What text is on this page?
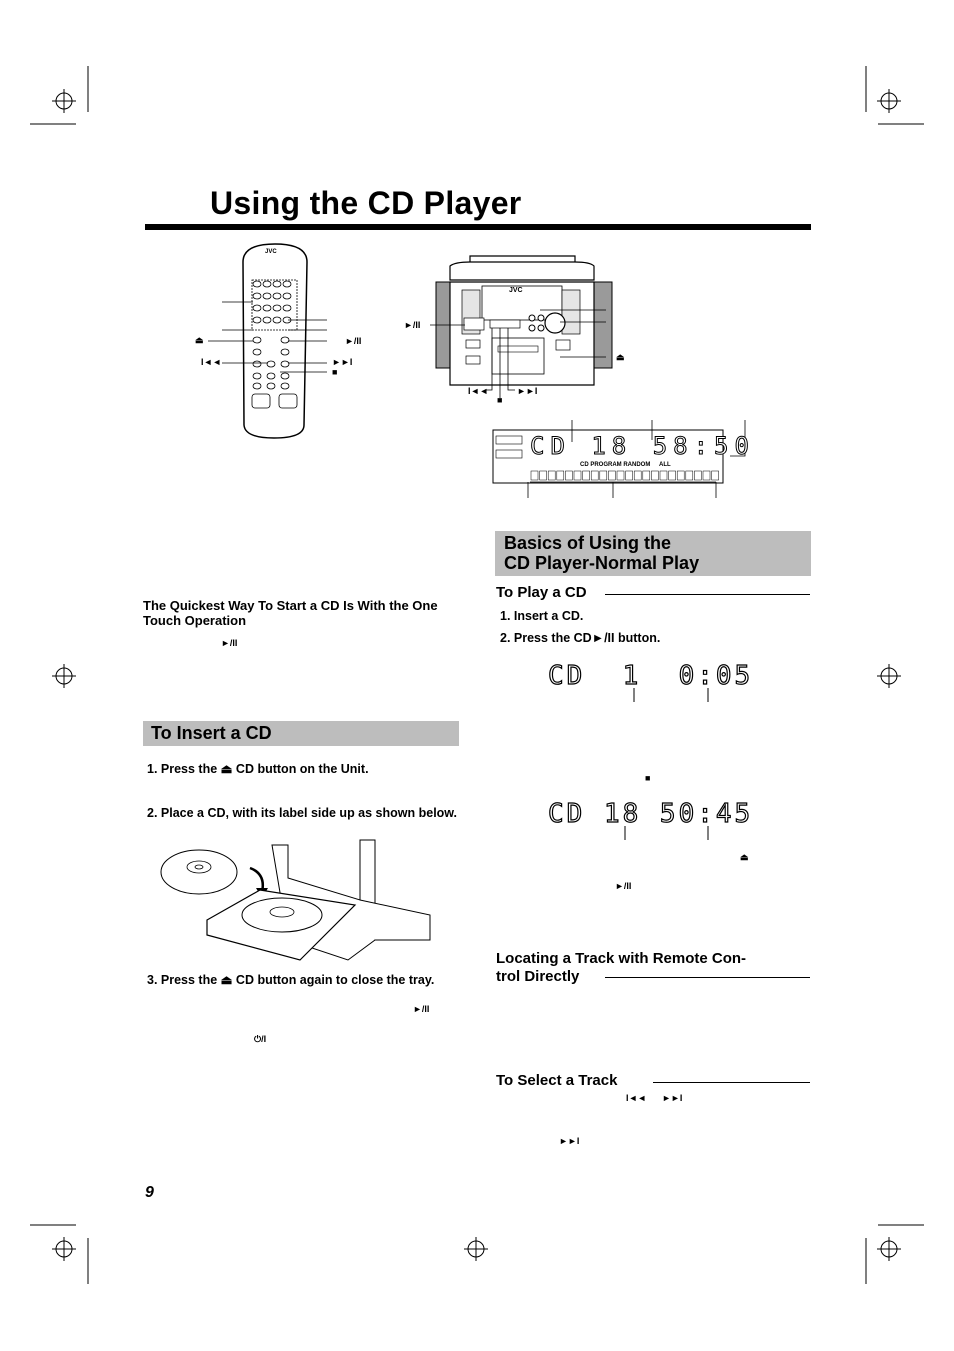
Using the CD Player
JVC
⏏
I◄◄
►/II
►►I
■
JVC
►/II
⏏
I◄◄
■
►►I
CD 18 58:50
CD PROGRAM RANDOM ALL
Basics of Using the
CD Player-Normal Play
To Play a CD
1. Insert a CD.
2. Press the CD►/II button.
CD  1  0:05
■
CD 18 50:45
⏏
►/II
Locating a Track with Remote Con-
trol Directly
To Select a Track
I◄◄ ►►I
►►I
The Quickest Way To Start a CD Is With the One Touch Operation
►/II
To Insert a CD
1. Press the ⏏ CD button on the Unit.
2. Place a CD, with its label side up as shown below.
3. Press the ⏏ CD button again to close the tray.
►/II
⏻/I
9
